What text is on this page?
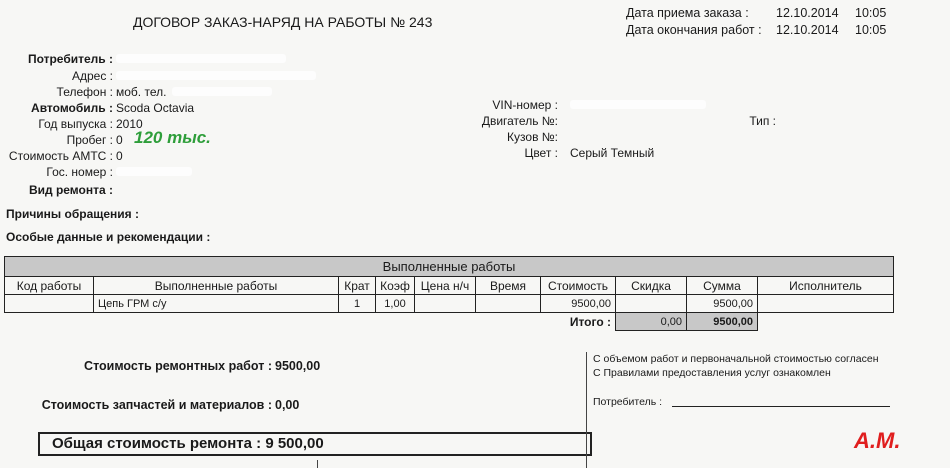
ДОГОВОР ЗАКАЗ-НАРЯД НА РАБОТЫ № 243
Дата приема заказа : 12.10.2014 10:05
Дата окончания работ : 12.10.2014 10:05
Потребитель :
Адрес :
Телефон : моб. тел.
Автомобиль : Scoda Octavia
Год выпуска : 2010
Пробег : 0 120 тыс.
Стоимость АМТС : 0
Гос. номер :
Вид ремонта :
VIN-номер :
Двигатель №:
Кузов №:
Цвет : Серый Темный
Тип :
Причины обращения :
Особые данные и рекомендации :
Выполненные работы									
Код работы	Выполненные работы	Крат	Коэф	Цена н/ч	Время	Стоимость	Скидка	Сумма	Исполнитель
	Цепь ГРМ с/у	1	1,00			9500,00		9500,00	
						Итого :	0,00	9500,00	
Стоимость ремонтных работ : 9500,00
Стоимость запчастей и материалов : 0,00
Общая стоимость ремонта : 9 500,00
С объемом работ и первоначальной стоимостью согласен
С Правилами предоставления услуг ознакомлен
Потребитель :
А.М.
